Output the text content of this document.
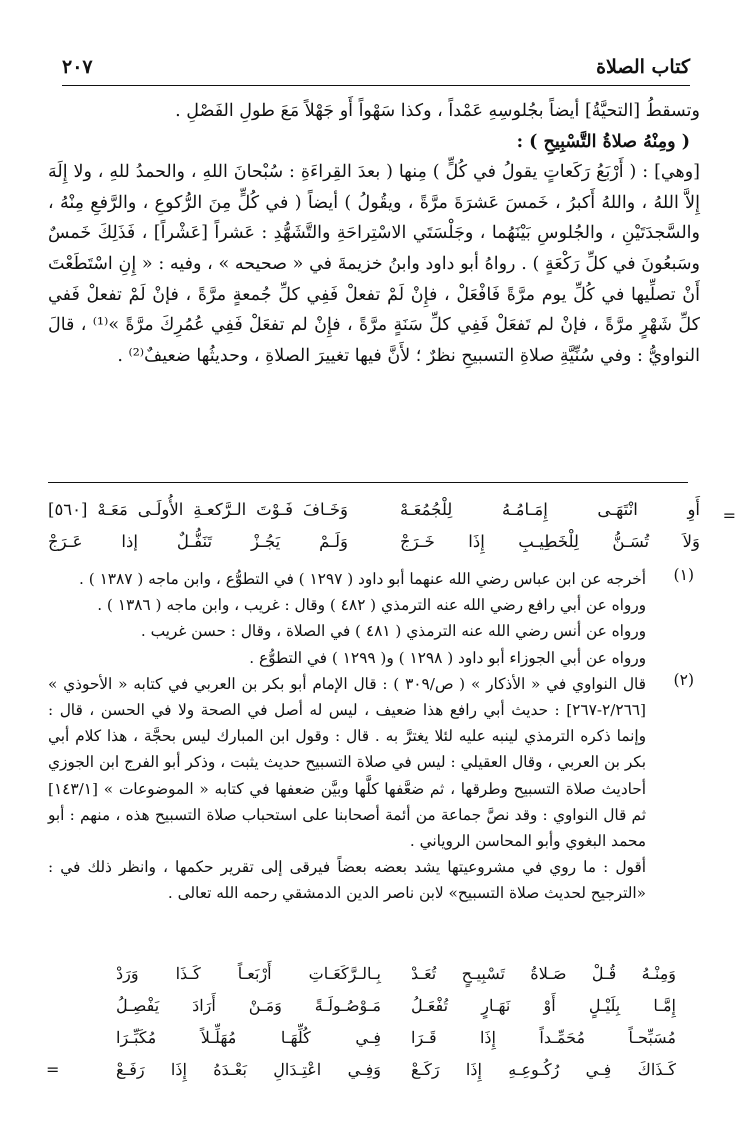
كتاب الصلاة
٢٠٧

وتسقطُ [التحيَّةُ] أيضاً بجُلوسِهِ عَمْداً ، وكذا سَهْواً أَو جَهْلاً مَعَ طولِ الفَصْلِ .

( ومِنْهُ صلاةُ التَّسْبِيحِ ) :

[وهي] : ( أَرْبَعُ رَكَعاتٍ يقولُ في كُلٍّ ) مِنها ( بعدَ القِراءَةِ : سُبْحانَ اللهِ ، والحمدُ للهِ ، ولا إِلَهَ إِلاَّ اللهُ ، واللهُ أَكبرُ ، خَمسَ عَشرَةَ مرَّةً ، ويقُولُ ) أيضاً ( في كُلٍّ مِنَ الرُّكوعِ ، والرَّفعِ مِنْهُ ، والسَّجدَتَيْنِ ، والجُلوسِ بَيْنَهُما ، وجَلْسَتَي الاسْتِراحَةِ والتَّشَهُّدِ : عَشراً [عَشْراً] ، فَذَلِكَ خَمسٌ وسَبعُونَ في كلِّ رَكْعَةٍ ) . رواهُ أبو داود وابنُ خزيمةَ في « صحيحه » ، وفيه : « إِنِ اسْتَطَعْتَ أَنْ تصلِّيها في كُلِّ يوم مرَّةً فَافْعَلْ ، فإِنْ لَمْ تفعلْ فَفِي كلِّ جُمعةٍ مرَّةً ، فإنْ لَمْ تفعلْ فَفي كلِّ شَهْرٍ مرَّةً ، فإنْ لم تَفعَلْ فَفِي كلِّ سَنَةٍ مرَّةً ، فإِنْ لم تفعَلْ فَفِي عُمُرِكَ مرَّةً »⁽¹⁾ ، قالَ النواويُّ : وفي سُنِّيَّةِ صلاةِ التسبيحِ نظرٌ ؛ لأَنَّ فيها تغييرَ الصلاةِ ، وحديثُها ضعيفٌ⁽²⁾ .

=
أَوِ انْتَهَـى إِمَـامُـهُ لِلْجُمُعَـهْ
وَخَـافَ فَـوْتَ الـرَّكعـةِ الأُولَـى مَعَـهْ [٥٦٠]
وَلاَ تُسَـنُّ لِلْخَطِيـبِ إِذَا خَـرَجْ
وَلَـمْ يَجُـزْ تَنَفُّـلٌ إذا عَـرَجْ
(١)

أخرجه عن ابن عباس رضي الله عنهما أبو داود ( ١٢٩٧ ) في التطوُّع ، وابن ماجه ( ١٣٨٧ ) .

ورواه عن أبي رافع رضي الله عنه الترمذي ( ٤٨٢ ) وقال : غريب ، وابن ماجه ( ١٣٨٦ ) .

ورواه عن أنس رضي الله عنه الترمذي ( ٤٨١ ) في الصلاة ، وقال : حسن غريب .

ورواه عن أبي الجوزاء أبو داود ( ١٢٩٨ ) و( ١٢٩٩ ) في التطوُّع .

(٢)

قال النواوي في « الأذكار » ( ص/٣٠٩ ) : قال الإمام أبو بكر بن العربي في كتابه « الأحوذي » [٢/٢٦٦-٢٦٧] : حديث أبي رافع هذا ضعيف ، ليس له أصل في الصحة ولا في الحسن ، قال : وإنما ذكره الترمذي لينبه عليه لئلا يغترَّ به . قال : وقول ابن المبارك ليس بحجَّة ، هذا كلام أبي بكر بن العربي ، وقال العقيلي : ليس في صلاة التسبيح حديث يثبت ، وذكر أبو الفرج ابن الجوزي أحاديث صلاة التسبيح وطرقها ، ثم ضعَّفها كلَّها وبيَّن ضعفها في كتابه « الموضوعات » [١٤٣/١] ثم قال النواوي : وقد نصَّ جماعة من أئمة أصحابنا على استحباب صلاة التسبيح هذه ، منهم : أبو محمد البغوي وأبو المحاسن الروياني .

أقول : ما روي في مشروعيتها يشد بعضه بعضاً فيرقى إلى تقرير حكمها ، وانظر ذلك في : «الترجيح لحديث صلاة التسبيح» لابن ناصر الدين الدمشقي رحمه الله تعالى .

وَمِنْـهُ قُـلْ صَـلاةُ تَسْبِيـحٍ تُعَـدْ
بِـالـرَّكَعَـاتِ أَرْبَعـاً كَـذَا وَرَدْ
إِمَّـا بِلَيْـلٍ أَوْ نَهَـارٍ تُفْعَـلُ
مَـوْصُـولَـةً وَمَـنْ أَرَادَ يَفْصِـلُ
مُسَبِّحـاً مُحَمِّـداً إِذَا قَـرَا
فِـي كُلِّهَـا مُهَلِّـلاً مُكَبِّـرَا
كَـذَاكَ فِـي رُكُـوعِـهِ إِذَا رَكَـعْ
وَفِـي اعْتِـدَالِ بَعْـدَهُ إِذَا رَفَـعْ
=
